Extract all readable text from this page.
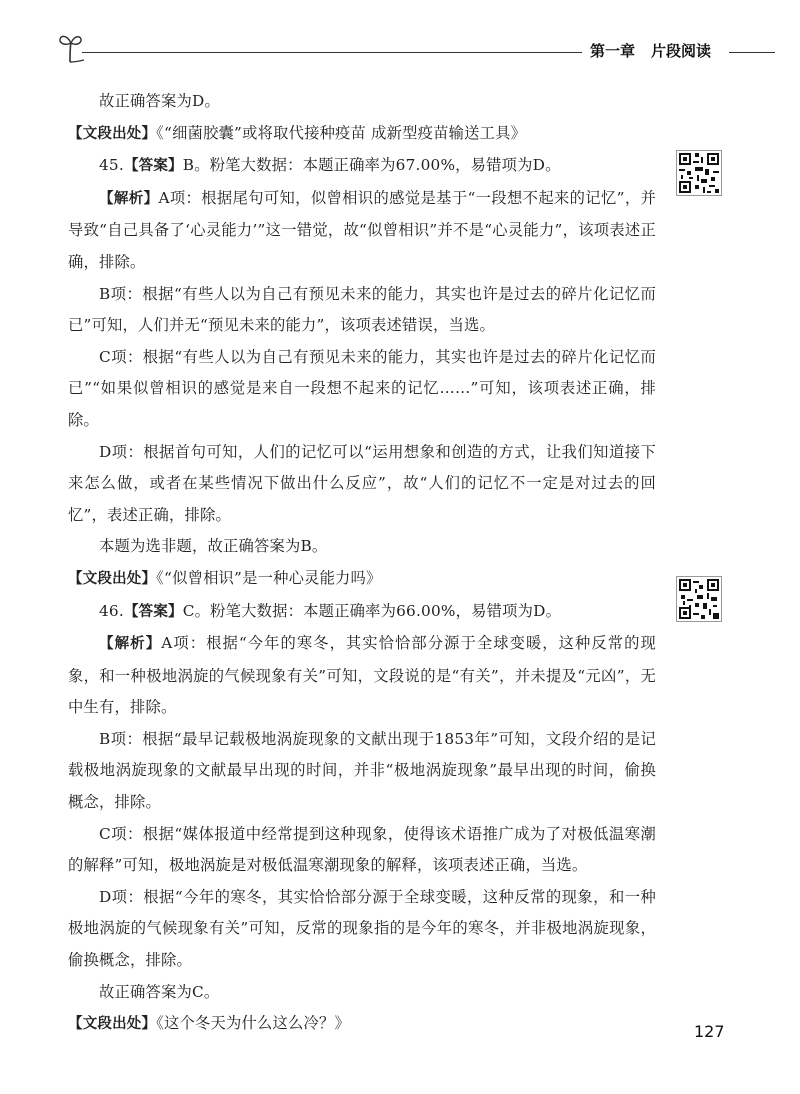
第一章 片段阅读

故正确答案为D。

【文段出处】《“细菌胶囊”或将取代接种疫苗 成新型疫苗输送工具》

45.【答案】B。粉笔大数据：本题正确率为67.00%，易错项为D。

【解析】A项：根据尾句可知，似曾相识的感觉是基于“一段想不起来的记忆”，并导致“自己具备了‘心灵能力’”这一错觉，故“似曾相识”并不是“心灵能力”，该项表述正确，排除。

B项：根据“有些人以为自己有预见未来的能力，其实也许是过去的碎片化记忆而已”可知，人们并无“预见未来的能力”，该项表述错误，当选。

C项：根据“有些人以为自己有预见未来的能力，其实也许是过去的碎片化记忆而已”“如果似曾相识的感觉是来自一段想不起来的记忆……”可知，该项表述正确，排除。

D项：根据首句可知，人们的记忆可以“运用想象和创造的方式，让我们知道接下来怎么做，或者在某些情况下做出什么反应”，故“人们的记忆不一定是对过去的回忆”，表述正确，排除。

本题为选非题，故正确答案为B。

【文段出处】《“似曾相识”是一种心灵能力吗》

46.【答案】C。粉笔大数据：本题正确率为66.00%，易错项为D。

【解析】A项：根据“今年的寒冬，其实恰恰部分源于全球变暖，这种反常的现象，和一种极地涡旋的气候现象有关”可知，文段说的是“有关”，并未提及“元凶”，无中生有，排除。

B项：根据“最早记载极地涡旋现象的文献出现于1853年”可知，文段介绍的是记载极地涡旋现象的文献最早出现的时间，并非“极地涡旋现象”最早出现的时间，偷换概念，排除。

C项：根据“媒体报道中经常提到这种现象，使得该术语推广成为了对极低温寒潮的解释”可知，极地涡旋是对极低温寒潮现象的解释，该项表述正确，当选。

D项：根据“今年的寒冬，其实恰恰部分源于全球变暖，这种反常的现象，和一种极地涡旋的气候现象有关”可知，反常的现象指的是今年的寒冬，并非极地涡旋现象，偷换概念，排除。

故正确答案为C。

【文段出处】《这个冬天为什么这么冷？》	127
